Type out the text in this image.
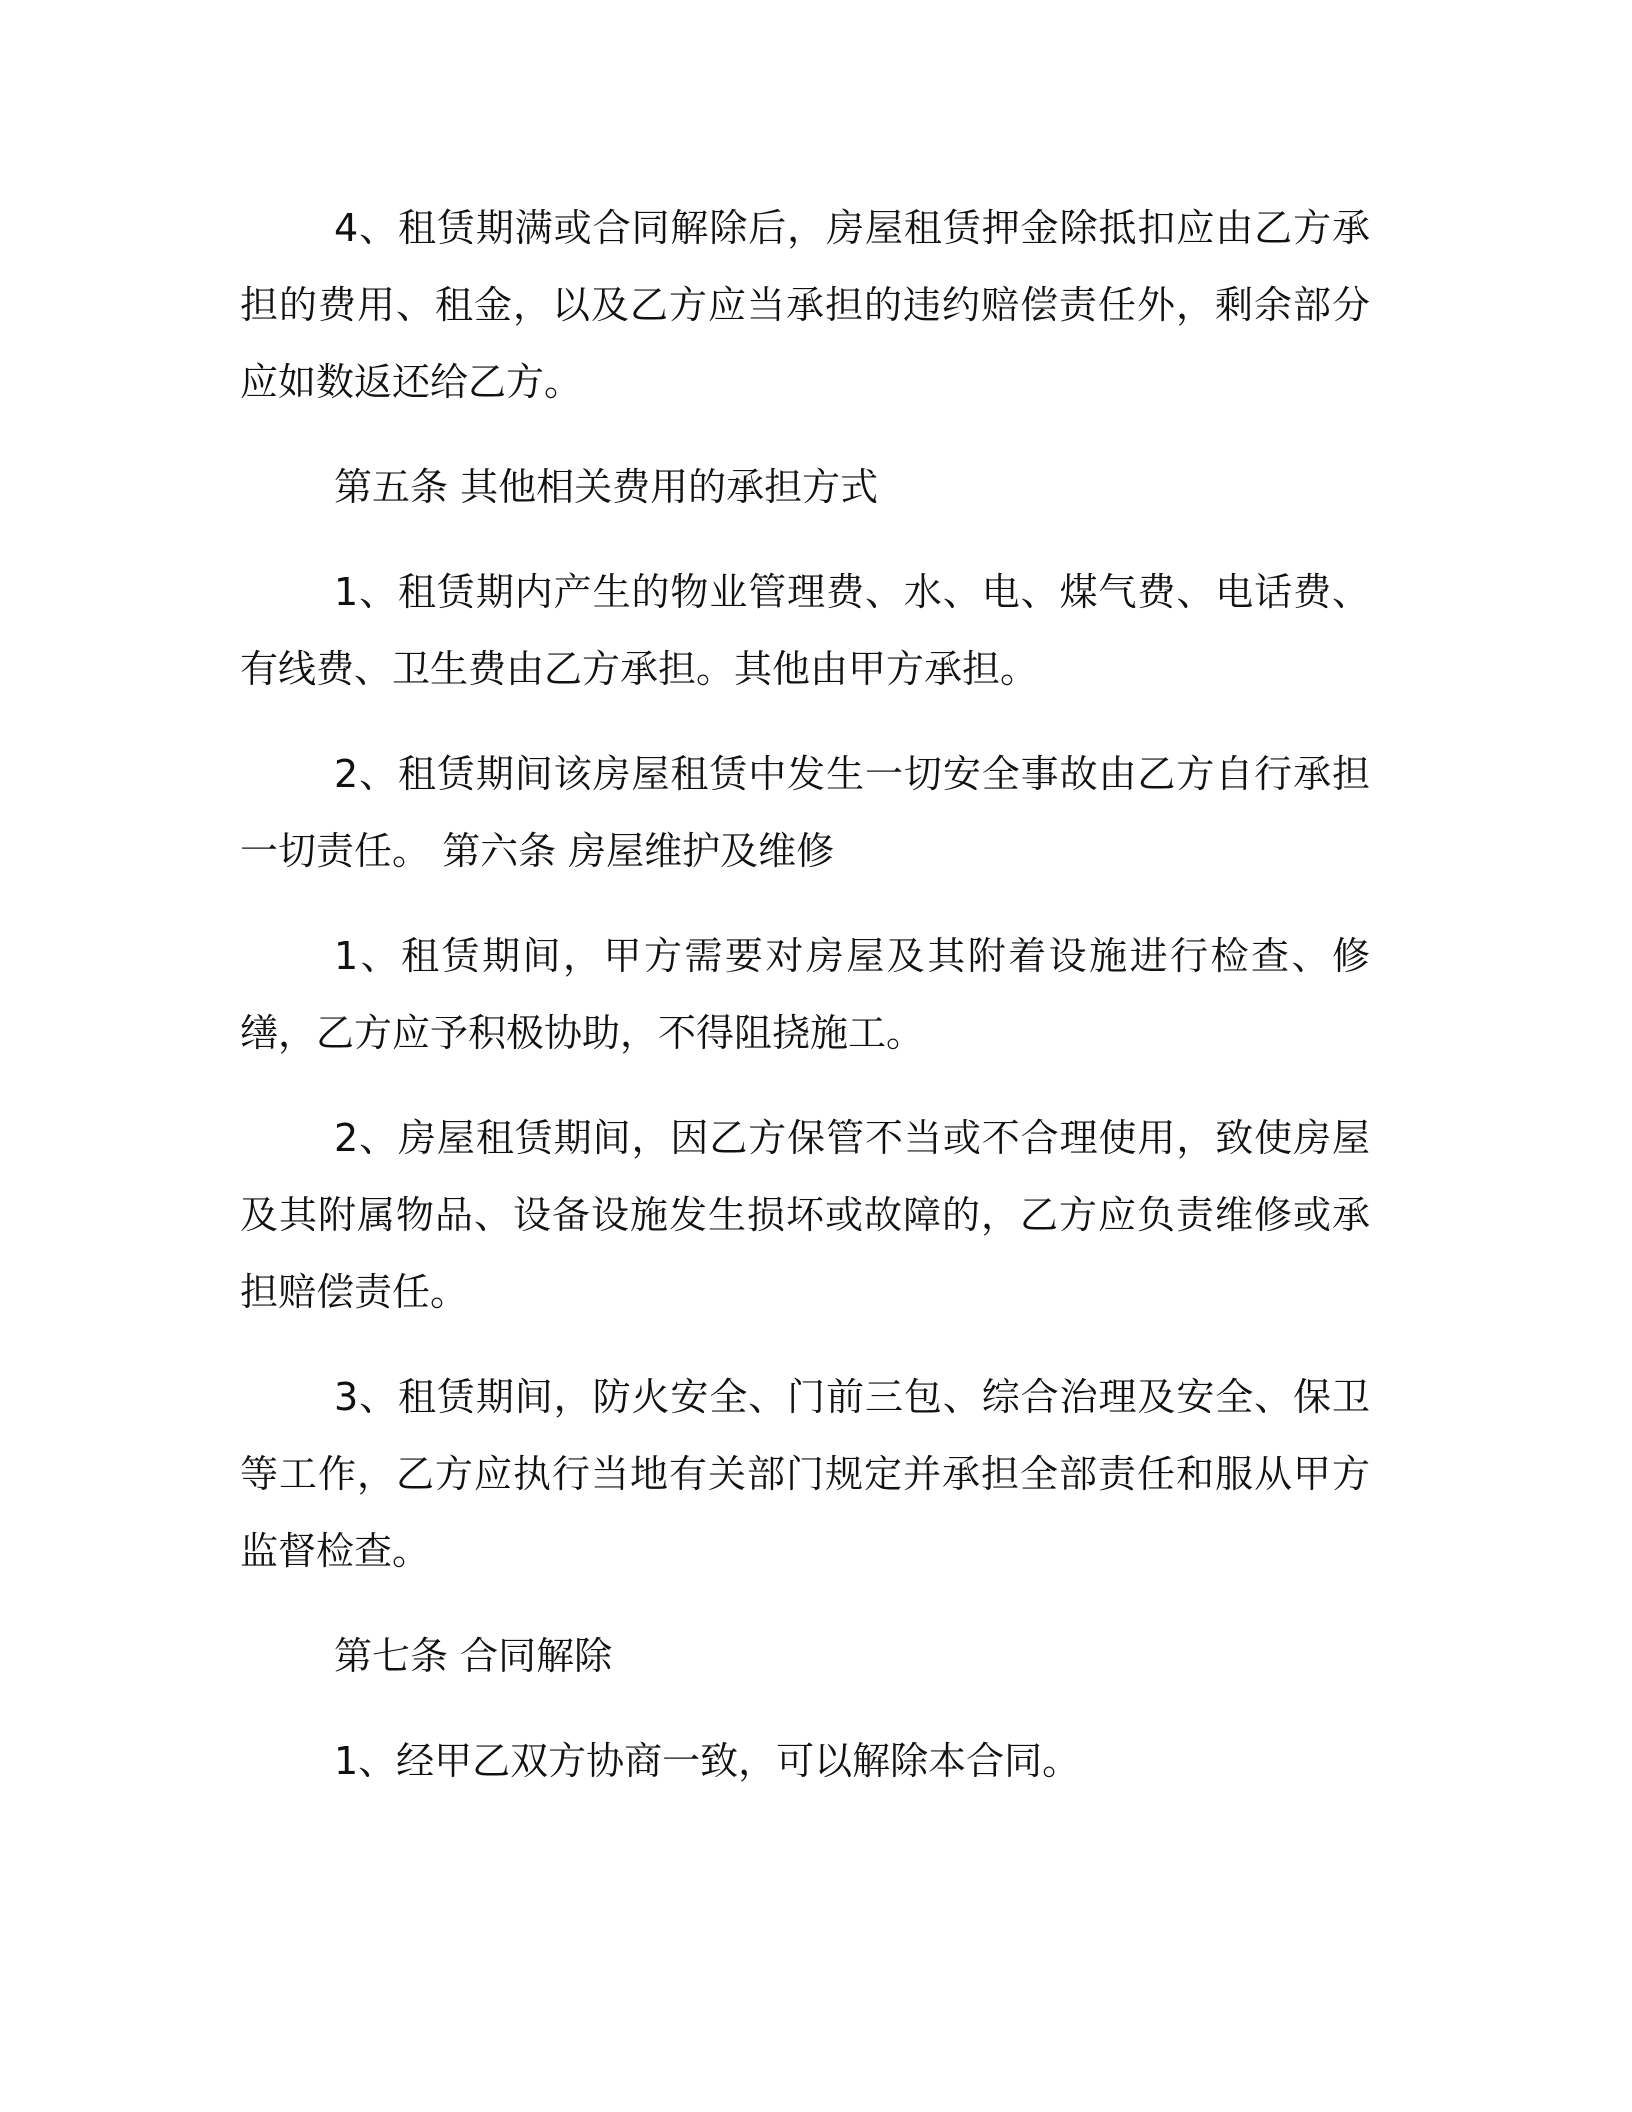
4、租赁期满或合同解除后，房屋租赁押金除抵扣应由乙方承担的费用、租金，以及乙方应当承担的违约赔偿责任外，剩余部分应如数返还给乙方。

第五条 其他相关费用的承担方式

1、租赁期内产生的物业管理费、水、电、煤气费、电话费、有线费、卫生费由乙方承担。其他由甲方承担。

2、租赁期间该房屋租赁中发生一切安全事故由乙方自行承担一切责任。 第六条 房屋维护及维修

1、租赁期间，甲方需要对房屋及其附着设施进行检查、修缮，乙方应予积极协助，不得阻挠施工。

2、房屋租赁期间，因乙方保管不当或不合理使用，致使房屋及其附属物品、设备设施发生损坏或故障的，乙方应负责维修或承担赔偿责任。

3、租赁期间，防火安全、门前三包、综合治理及安全、保卫等工作，乙方应执行当地有关部门规定并承担全部责任和服从甲方监督检查。

第七条 合同解除

1、经甲乙双方协商一致，可以解除本合同。
